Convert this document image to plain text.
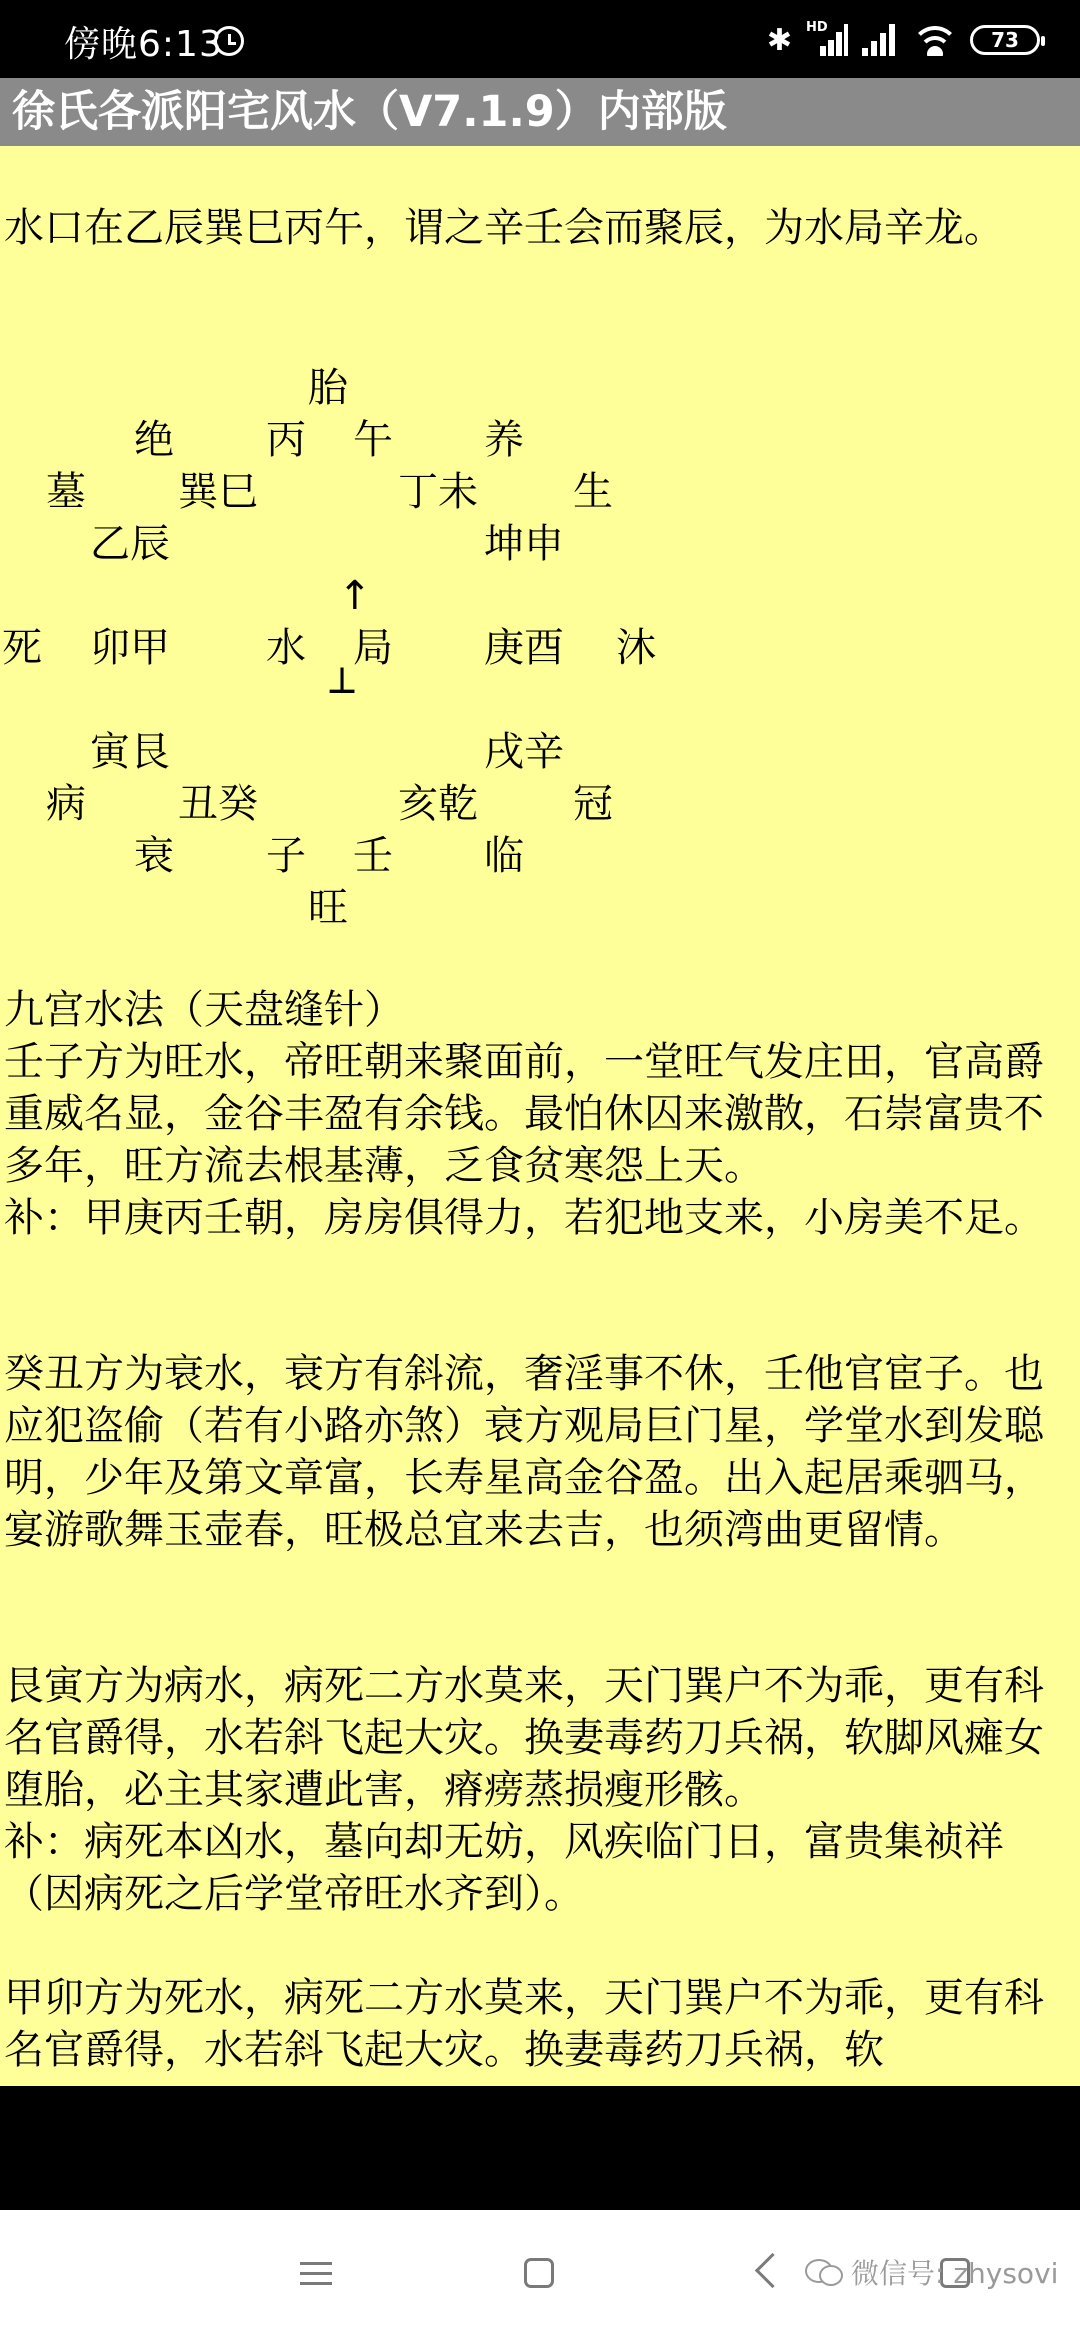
傍晚6:13	✱ HD
73
徐氏各派阳宅风水（V7.1.9）内部版
水口在乙辰巽巳丙午，谓之辛壬会而聚辰，为水局辛龙。
胎
绝 丙 午 养
墓 巽巳	丁未 生
乙辰	坤申
↑
死 卯甲 水 局 庚酉 沐
┴
寅艮	戌辛
病 丑癸	亥乾 冠
衰 子 壬 临
旺
九宫水法（天盘缝针）
壬子方为旺水，帝旺朝来聚面前，一堂旺气发庄田，官高爵重威名显，金谷丰盈有余钱。最怕休囚来激散，石崇富贵不多年，旺方流去根基薄，乏食贫寒怨上天。
补：甲庚丙壬朝，房房俱得力，若犯地支来，小房美不足。
癸丑方为衰水，衰方有斜流，奢淫事不休，壬他官宦子。也应犯盗偷（若有小路亦煞）衰方观局巨门星，学堂水到发聪明，少年及第文章富，长寿星高金谷盈。出入起居乘驷马，宴游歌舞玉壶春，旺极总宜来去吉，也须湾曲更留情。
艮寅方为病水，病死二方水莫来，天门巽户不为乖，更有科名官爵得，水若斜飞起大灾。换妻毒药刀兵祸，软脚风瘫女堕胎，必主其家遭此害，瘠痨蒸损瘦形骸。
补：病死本凶水，墓向却无妨，风疾临门日，富贵集祯祥（因病死之后学堂帝旺水齐到）。
甲卯方为死水，病死二方水莫来，天门巽户不为乖，更有科名官爵得，水若斜飞起大灾。换妻毒药刀兵祸，软
微信号: zhysovi
